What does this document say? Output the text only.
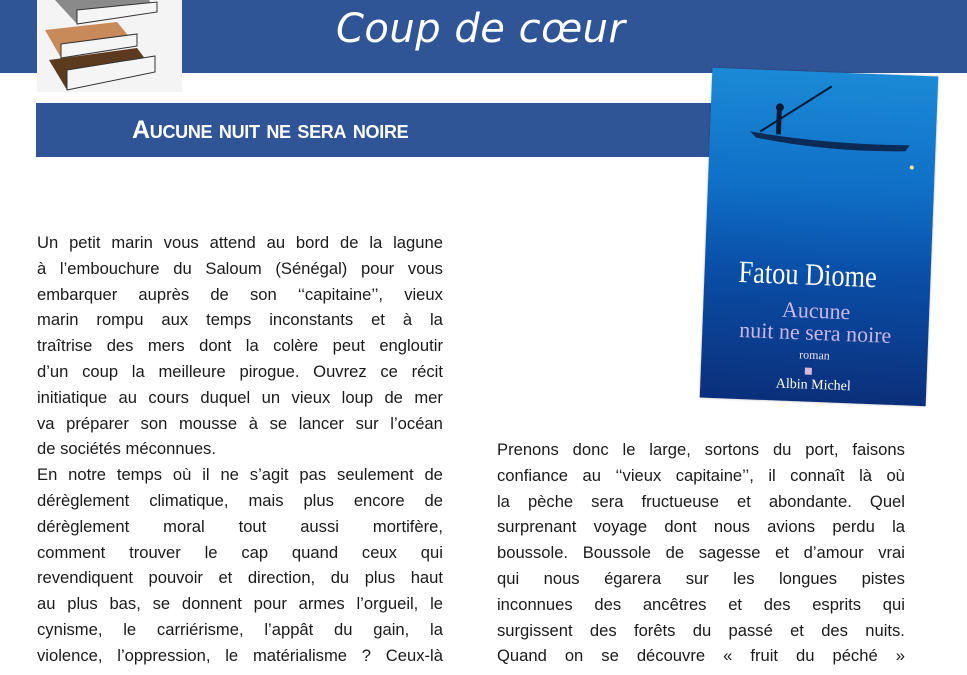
Coup de cœur
Aucune nuit ne sera noire
Fatou Diome
Aucune
nuit ne sera noire
roman
Albin Michel
Un petit marin vous attend au bord de la lagune
à l’embouchure du Saloum (Sénégal) pour vous
embarquer auprès de son ‘‘capitaine’’, vieux
marin rompu aux temps inconstants et à la
traîtrise des mers dont la colère peut engloutir
d’un coup la meilleure pirogue. Ouvrez ce récit
initiatique au cours duquel un vieux loup de mer
va préparer son mousse à se lancer sur l’océan
de sociétés méconnues.
En notre temps où il ne s’agit pas seulement de
dérèglement climatique, mais plus encore de
dérèglement moral tout aussi mortifère,
comment trouver le cap quand ceux qui
revendiquent pouvoir et direction, du plus haut
au plus bas, se donnent pour armes l’orgueil, le
cynisme, le carriérisme, l’appât du gain, la
violence, l’oppression, le matérialisme ? Ceux-là
Prenons donc le large, sortons du port, faisons
confiance au ‘‘vieux capitaine’’, il connaît là où
la pèche sera fructueuse et abondante. Quel
surprenant voyage dont nous avions perdu la
boussole. Boussole de sagesse et d’amour vrai
qui nous égarera sur les longues pistes
inconnues des ancêtres et des esprits qui
surgissent des forêts du passé et des nuits.
Quand on se découvre « fruit du péché »
